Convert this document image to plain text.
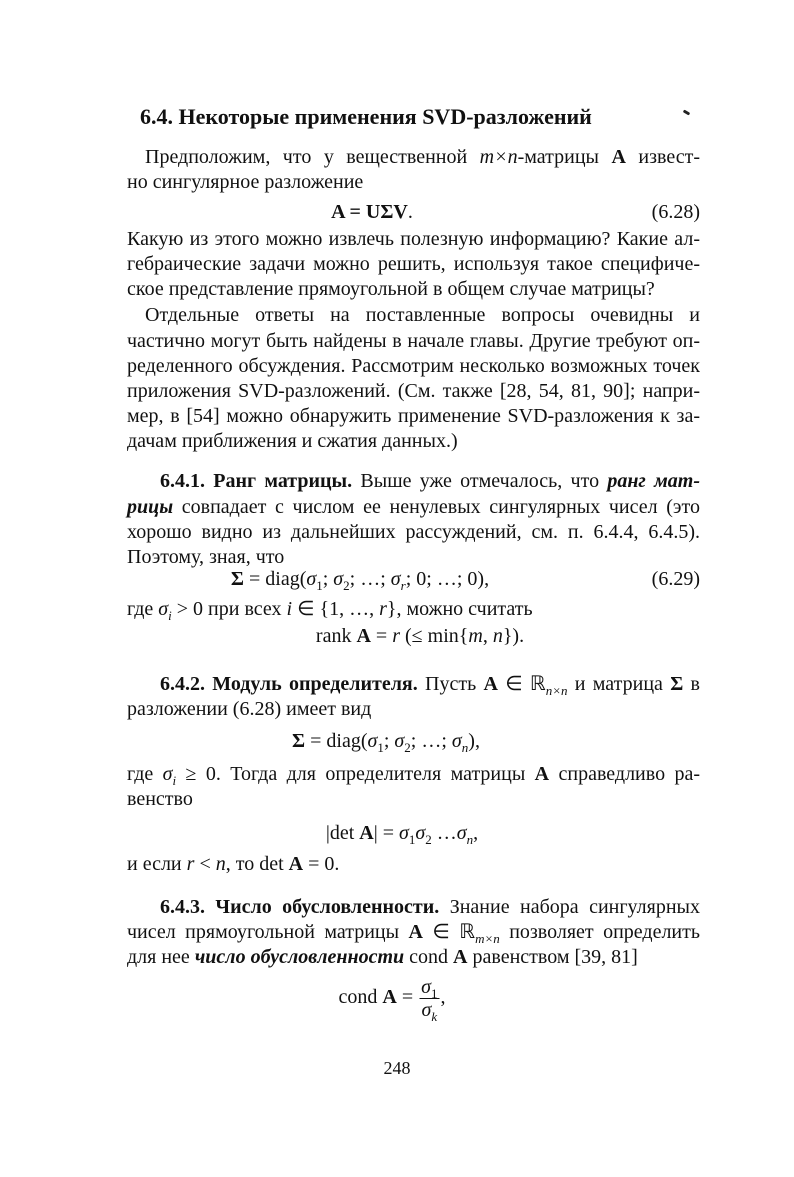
6.4. Некоторые применения SVD-разложений
Предположим, что у вещественной m×n-матрицы A извест-
но сингулярное разложение
A = UΣV.	(6.28)
Какую из этого можно извлечь полезную информацию? Какие ал-
гебраические задачи можно решить, используя такое специфиче-
ское представление прямоугольной в общем случае матрицы?
Отдельные ответы на поставленные вопросы очевидны и
частично могут быть найдены в начале главы. Другие требуют оп-
ределенного обсуждения. Рассмотрим несколько возможных точек
приложения SVD-разложений. (См. также [28, 54, 81, 90]; напри-
мер, в [54] можно обнаружить применение SVD-разложения к за-
дачам приближения и сжатия данных.)
6.4.1. Ранг матрицы. Выше уже отмечалось, что ранг мат-
рицы совпадает с числом ее ненулевых сингулярных чисел (это
хорошо видно из дальнейших рассуждений, см. п. 6.4.4, 6.4.5).
Поэтому, зная, что
$\Sigma = diag(\sigma_1$; $\sigma_2$; …; $\sigma_r$; 0; …; 0),	(6.29)
где $\sigma_i > 0$ при всех i ∈ {1, …, r}, можно считать
rank A = r (≤ min{m, n}).
6.4.2. Модуль определителя. Пусть A ∈ ℝ$_{n\times n}$ и матрица Σ в
разложении (6.28) имеет вид
$\Sigma = diag(\sigma_1$; $\sigma_2$; …; $\sigma_n$),
где $\sigma_i \ge 0$. Тогда для определителя матрицы A справедливо ра-
венство
|det $A| = \sigma_1\sigma_2$ $\dots\sigma_n$,
и если r < n, то det A = 0.
6.4.3. Число обусловленности. Знание набора сингулярных
чисел прямоугольной матрицы A ∈ ℝ$_{m\times n}$ позволяет определить
для нее число обусловленности cond A равенством [39, 81]
cond $A = \frac{\sigma_1}{\sigma_k}$ ,
248
